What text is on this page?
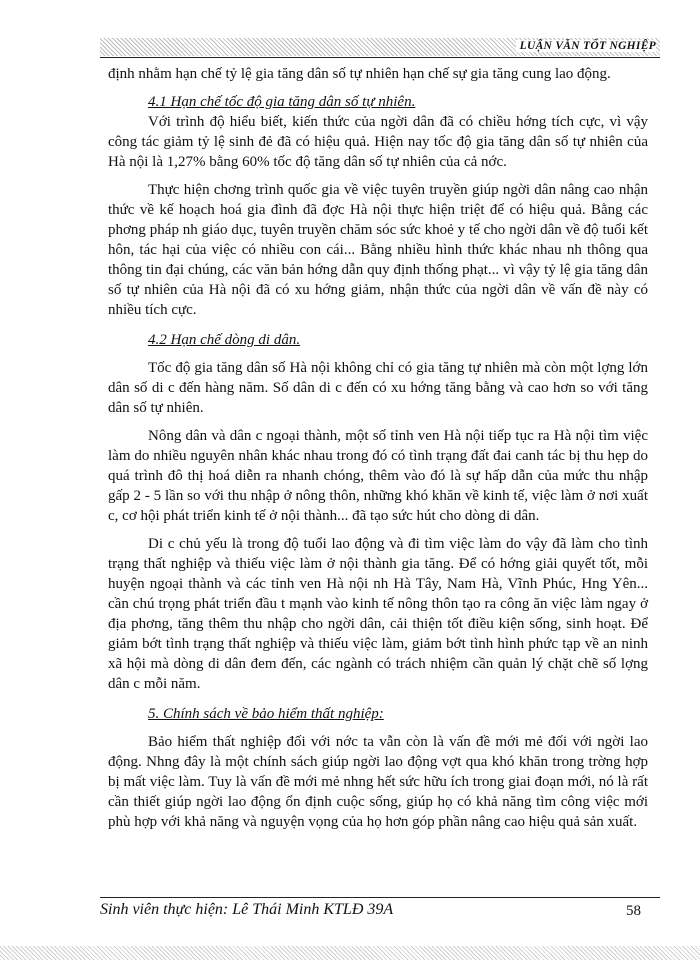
LUẬN VĂN TỐT NGHIỆP

định nhằm hạn chế tỷ lệ gia tăng dân số tự nhiên hạn chế sự gia tăng cung lao động.

4.1 Hạn chế tốc độ gia tăng dân số tự nhiên.

Với trình độ hiểu biết, kiến thức của ngời dân đã có chiều hớng tích cực, vì vậy công tác giảm tỷ lệ sinh đẻ đã có hiệu quả. Hiện nay tốc độ gia tăng dân số tự nhiên của Hà nội là 1,27% bằng 60% tốc độ tăng dân số tự nhiên của cả nớc.

Thực hiện chơng trình quốc gia về việc tuyên truyền giúp ngời dân nâng cao nhận thức về kế hoạch hoá gia đình đã đợc Hà nội thực hiện triệt để có hiệu quả. Bằng các phơng pháp nh giáo dục, tuyên truyền chăm sóc sức khoẻ y tế cho ngời dân về độ tuổi kết hôn, tác hại của việc có nhiều con cái... Bằng nhiều hình thức khác nhau nh thông qua thông tin đại chúng, các văn bản hớng dẫn quy định thống phạt... vì vậy tỷ lệ gia tăng dân số tự nhiên của Hà nội đã có xu hớng giảm, nhận thức của ngời dân về vấn đề này có nhiều tích cực.

4.2 Hạn chế dòng di dân.

Tốc độ gia tăng dân số Hà nội không chỉ có gia tăng tự nhiên mà còn một lợng lớn dân số di c đến hàng năm. Số dân di c đến có xu hớng tăng bằng và cao hơn so với tăng dân số tự nhiên.

Nông dân và dân c ngoại thành, một số tỉnh ven Hà nội tiếp tục ra Hà nội tìm việc làm do nhiều nguyên nhân khác nhau trong đó có tình trạng đất đai canh tác bị thu hẹp do quá trình đô thị hoá diễn ra nhanh chóng, thêm vào đó là sự hấp dẫn của mức thu nhập gấp 2 - 5 lần so với thu nhập ở nông thôn, những khó khăn về kinh tế, việc làm ở nơi xuất c, cơ hội phát triển kinh tế ở nội thành... đã tạo sức hút cho dòng di dân.

Di c chủ yếu là trong độ tuổi lao động và đi tìm việc làm do vậy đã làm cho tình trạng thất nghiệp và thiếu việc làm ở nội thành gia tăng. Để có hớng giải quyết tốt, mỗi huyện ngoại thành và các tỉnh ven Hà nội nh Hà Tây, Nam Hà, Vĩnh Phúc, Hng Yên... cần chú trọng phát triển đầu t mạnh vào kinh tế nông thôn tạo ra công ăn việc làm ngay ở địa phơng, tăng thêm thu nhập cho ngời dân, cải thiện tốt điều kiện sống, sinh hoạt. Để giảm bớt tình trạng thất nghiệp và thiếu việc làm, giảm bớt tình hình phức tạp về an ninh xã hội mà dòng di dân đem đến, các ngành có trách nhiệm cần quản lý chặt chẽ số lợng dân c mỗi năm.

5. Chính sách về bảo hiểm thất nghiệp:

Bảo hiểm thất nghiệp đối với nớc ta vẫn còn là vấn đề mới mẻ đối với ngời lao động. Nhng đây là một chính sách giúp ngời lao động vợt qua khó khăn trong trờng hợp bị mất việc làm. Tuy là vấn đề mới mẻ nhng hết sức hữu ích trong giai đoạn mới, nó là rất cần thiết giúp ngời lao động ổn định cuộc sống, giúp họ có khả năng tìm công việc mới phù hợp với khả năng và nguyện vọng của họ hơn góp phần nâng cao hiệu quả sản xuất.

Sinh viên thực hiện: Lê Thái Minh KTLĐ 39A	58
